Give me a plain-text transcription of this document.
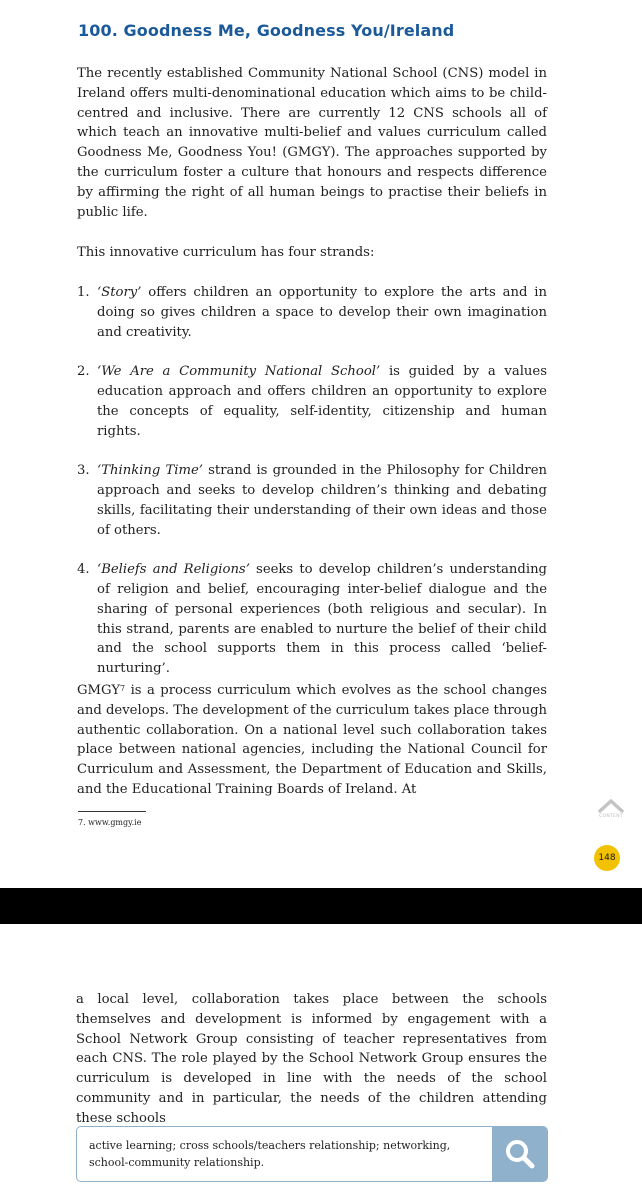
100. Goodness Me, Goodness You/Ireland

The recently established Community National School (CNS) model in Ireland offers multi-denominational education which aims to be child-centred and inclusive. There are currently 12 CNS schools all of which teach an innovative multi-belief and values curriculum called Goodness Me, Goodness You! (GMGY). The approaches supported by the curriculum foster a culture that honours and respects difference by affirming the right of all human beings to practise their beliefs in public life.

This innovative curriculum has four strands:

1. ‘Story’ offers children an opportunity to explore the arts and in doing so gives children a space to develop their own imagination and creativity.
2. ‘We Are a Community National School’ is guided by a values education approach and offers children an opportunity to explore the concepts of equality, self-identity, citizenship and human rights.
3. ‘Thinking Time’ strand is grounded in the Philosophy for Children approach and seeks to develop children’s thinking and debating skills, facilitating their understanding of their own ideas and those of others.
4. ‘Beliefs and Religions’ seeks to develop children’s understanding of religion and belief, encouraging inter-belief dialogue and the sharing of personal experiences (both religious and secular). In this strand, parents are enabled to nurture the belief of their child and the school supports them in this process called ‘belief-nurturing’.

GMGY$^7$ is a process curriculum which evolves as the school changes and develops. The development of the curriculum takes place through authentic collaboration. On a national level such collaboration takes place between national agencies, including the National Council for Curriculum and Assessment, the Department of Education and Skills, and the Educational Training Boards of Ireland. At

7. www.gmgy.ie

CONTENT
148

a local level, collaboration takes place between the schools themselves and development is informed by engagement with a School Network Group consisting of teacher representatives from each CNS. The role played by the School Network Group ensures the curriculum is developed in line with the needs of the school community and in particular, the needs of the children attending these schools

active learning; cross schools/teachers relationship; networking, school-community relationship.
